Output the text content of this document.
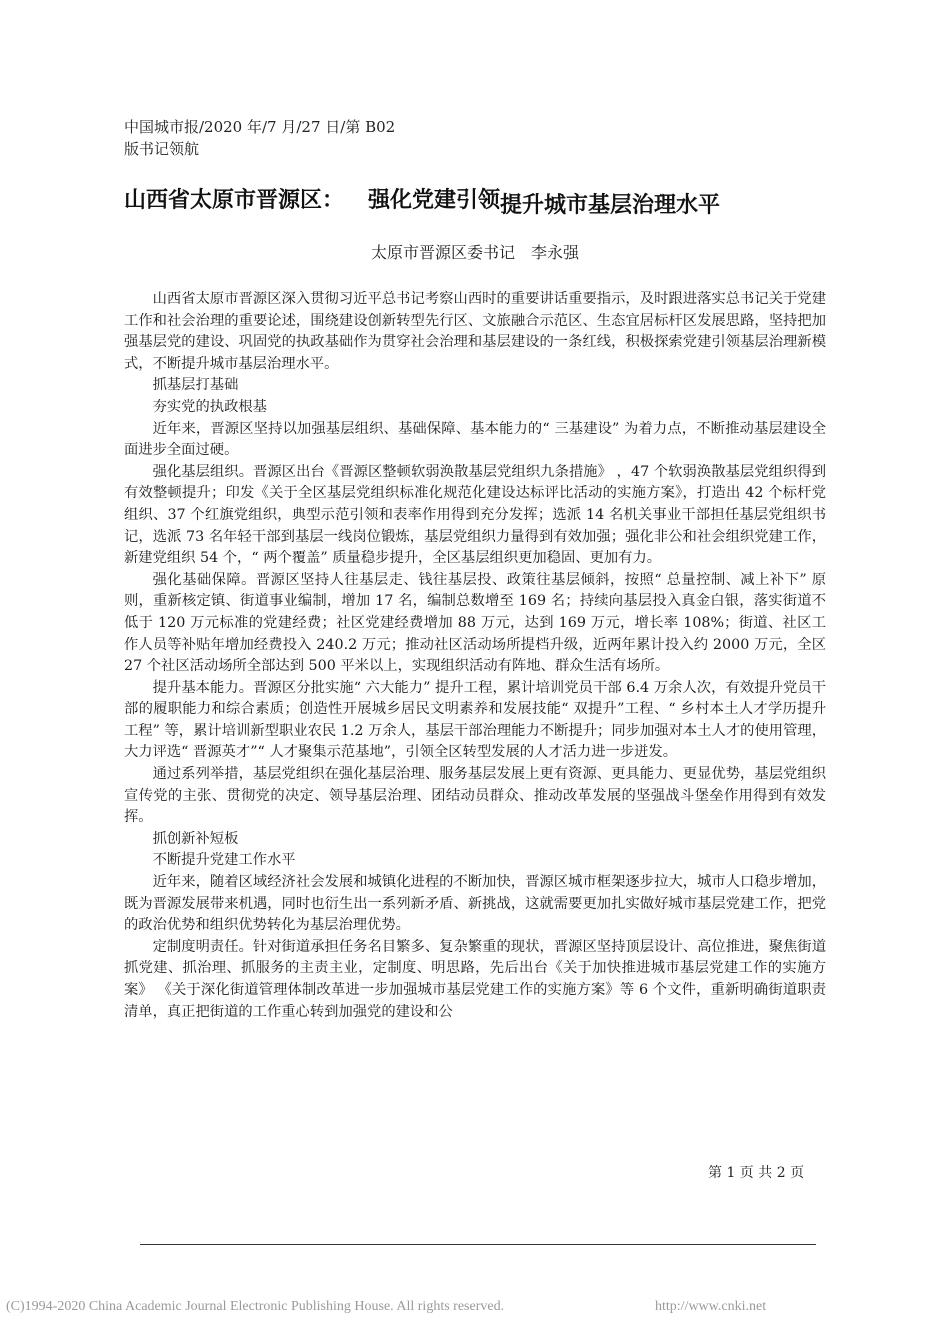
中国城市报/2020 年/7 月/27 日/第 B02
版书记领航
山西省太原市晋源区： 强化党建引领提升城市基层治理水平
太原市晋源区委书记　李永强

山西省太原市晋源区深入贯彻习近平总书记考察山西时的重要讲话重要指示，及时跟进落实总书记关于党建工作和社会治理的重要论述，围绕建设创新转型先行区、文旅融合示范区、生态宜居标杆区发展思路，坚持把加强基层党的建设、巩固党的执政基础作为贯穿社会治理和基层建设的一条红线，积极探索党建引领基层治理新模式，不断提升城市基层治理水平。

抓基层打基础

夯实党的执政根基

近年来，晋源区坚持以加强基层组织、基础保障、基本能力的“ 三基建设” 为着力点，不断推动基层建设全面进步全面过硬。

强化基层组织。晋源区出台《晋源区整顿软弱涣散基层党组织九条措施》 ，47 个软弱涣散基层党组织得到有效整顿提升；印发《关于全区基层党组织标准化规范化建设达标评比活动的实施方案》，打造出 42 个标杆党组织、37 个红旗党组织，典型示范引领和表率作用得到充分发挥；选派 14 名机关事业干部担任基层党组织书记，选派 73 名年轻干部到基层一线岗位锻炼，基层党组织力量得到有效加强；强化非公和社会组织党建工作，新建党组织 54 个，“ 两个覆盖” 质量稳步提升，全区基层组织更加稳固、更加有力。

强化基础保障。晋源区坚持人往基层走、钱往基层投、政策往基层倾斜，按照“ 总量控制、减上补下” 原则，重新核定镇、街道事业编制，增加 17 名，编制总数增至 169 名；持续向基层投入真金白银，落实街道不低于 120 万元标准的党建经费；社区党建经费增加 88 万元，达到 169 万元，增长率 108%；街道、社区工作人员等补贴年增加经费投入 240.2 万元；推动社区活动场所提档升级，近两年累计投入约 2000 万元，全区 27 个社区活动场所全部达到 500 平米以上，实现组织活动有阵地、群众生活有场所。

提升基本能力。晋源区分批实施“ 六大能力” 提升工程，累计培训党员干部 6.4 万余人次，有效提升党员干部的履职能力和综合素质；创造性开展城乡居民文明素养和发展技能“ 双提升”工程、“ 乡村本土人才学历提升工程” 等，累计培训新型职业农民 1.2 万余人，基层干部治理能力不断提升；同步加强对本土人才的使用管理，大力评选“ 晋源英才”“ 人才聚集示范基地”，引领全区转型发展的人才活力进一步迸发。

通过系列举措，基层党组织在强化基层治理、服务基层发展上更有资源、更具能力、更显优势，基层党组织宣传党的主张、贯彻党的决定、领导基层治理、团结动员群众、推动改革发展的坚强战斗堡垒作用得到有效发挥。

抓创新补短板

不断提升党建工作水平

近年来，随着区域经济社会发展和城镇化进程的不断加快，晋源区城市框架逐步拉大，城市人口稳步增加，既为晋源发展带来机遇，同时也衍生出一系列新矛盾、新挑战，这就需要更加扎实做好城市基层党建工作，把党的政治优势和组织优势转化为基层治理优势。

定制度明责任。针对街道承担任务名目繁多、复杂繁重的现状，晋源区坚持顶层设计、高位推进，聚焦街道抓党建、抓治理、抓服务的主责主业，定制度、明思路，先后出台《关于加快推进城市基层党建工作的实施方案》 《关于深化街道管理体制改革进一步加强城市基层党建工作的实施方案》等 6 个文件，重新明确街道职责清单，真正把街道的工作重心转到加强党的建设和公

第 1 页 共 2 页
(C)1994-2020 China Academic Journal Electronic Publishing House. All rights reserved.	http://www.cnki.net
